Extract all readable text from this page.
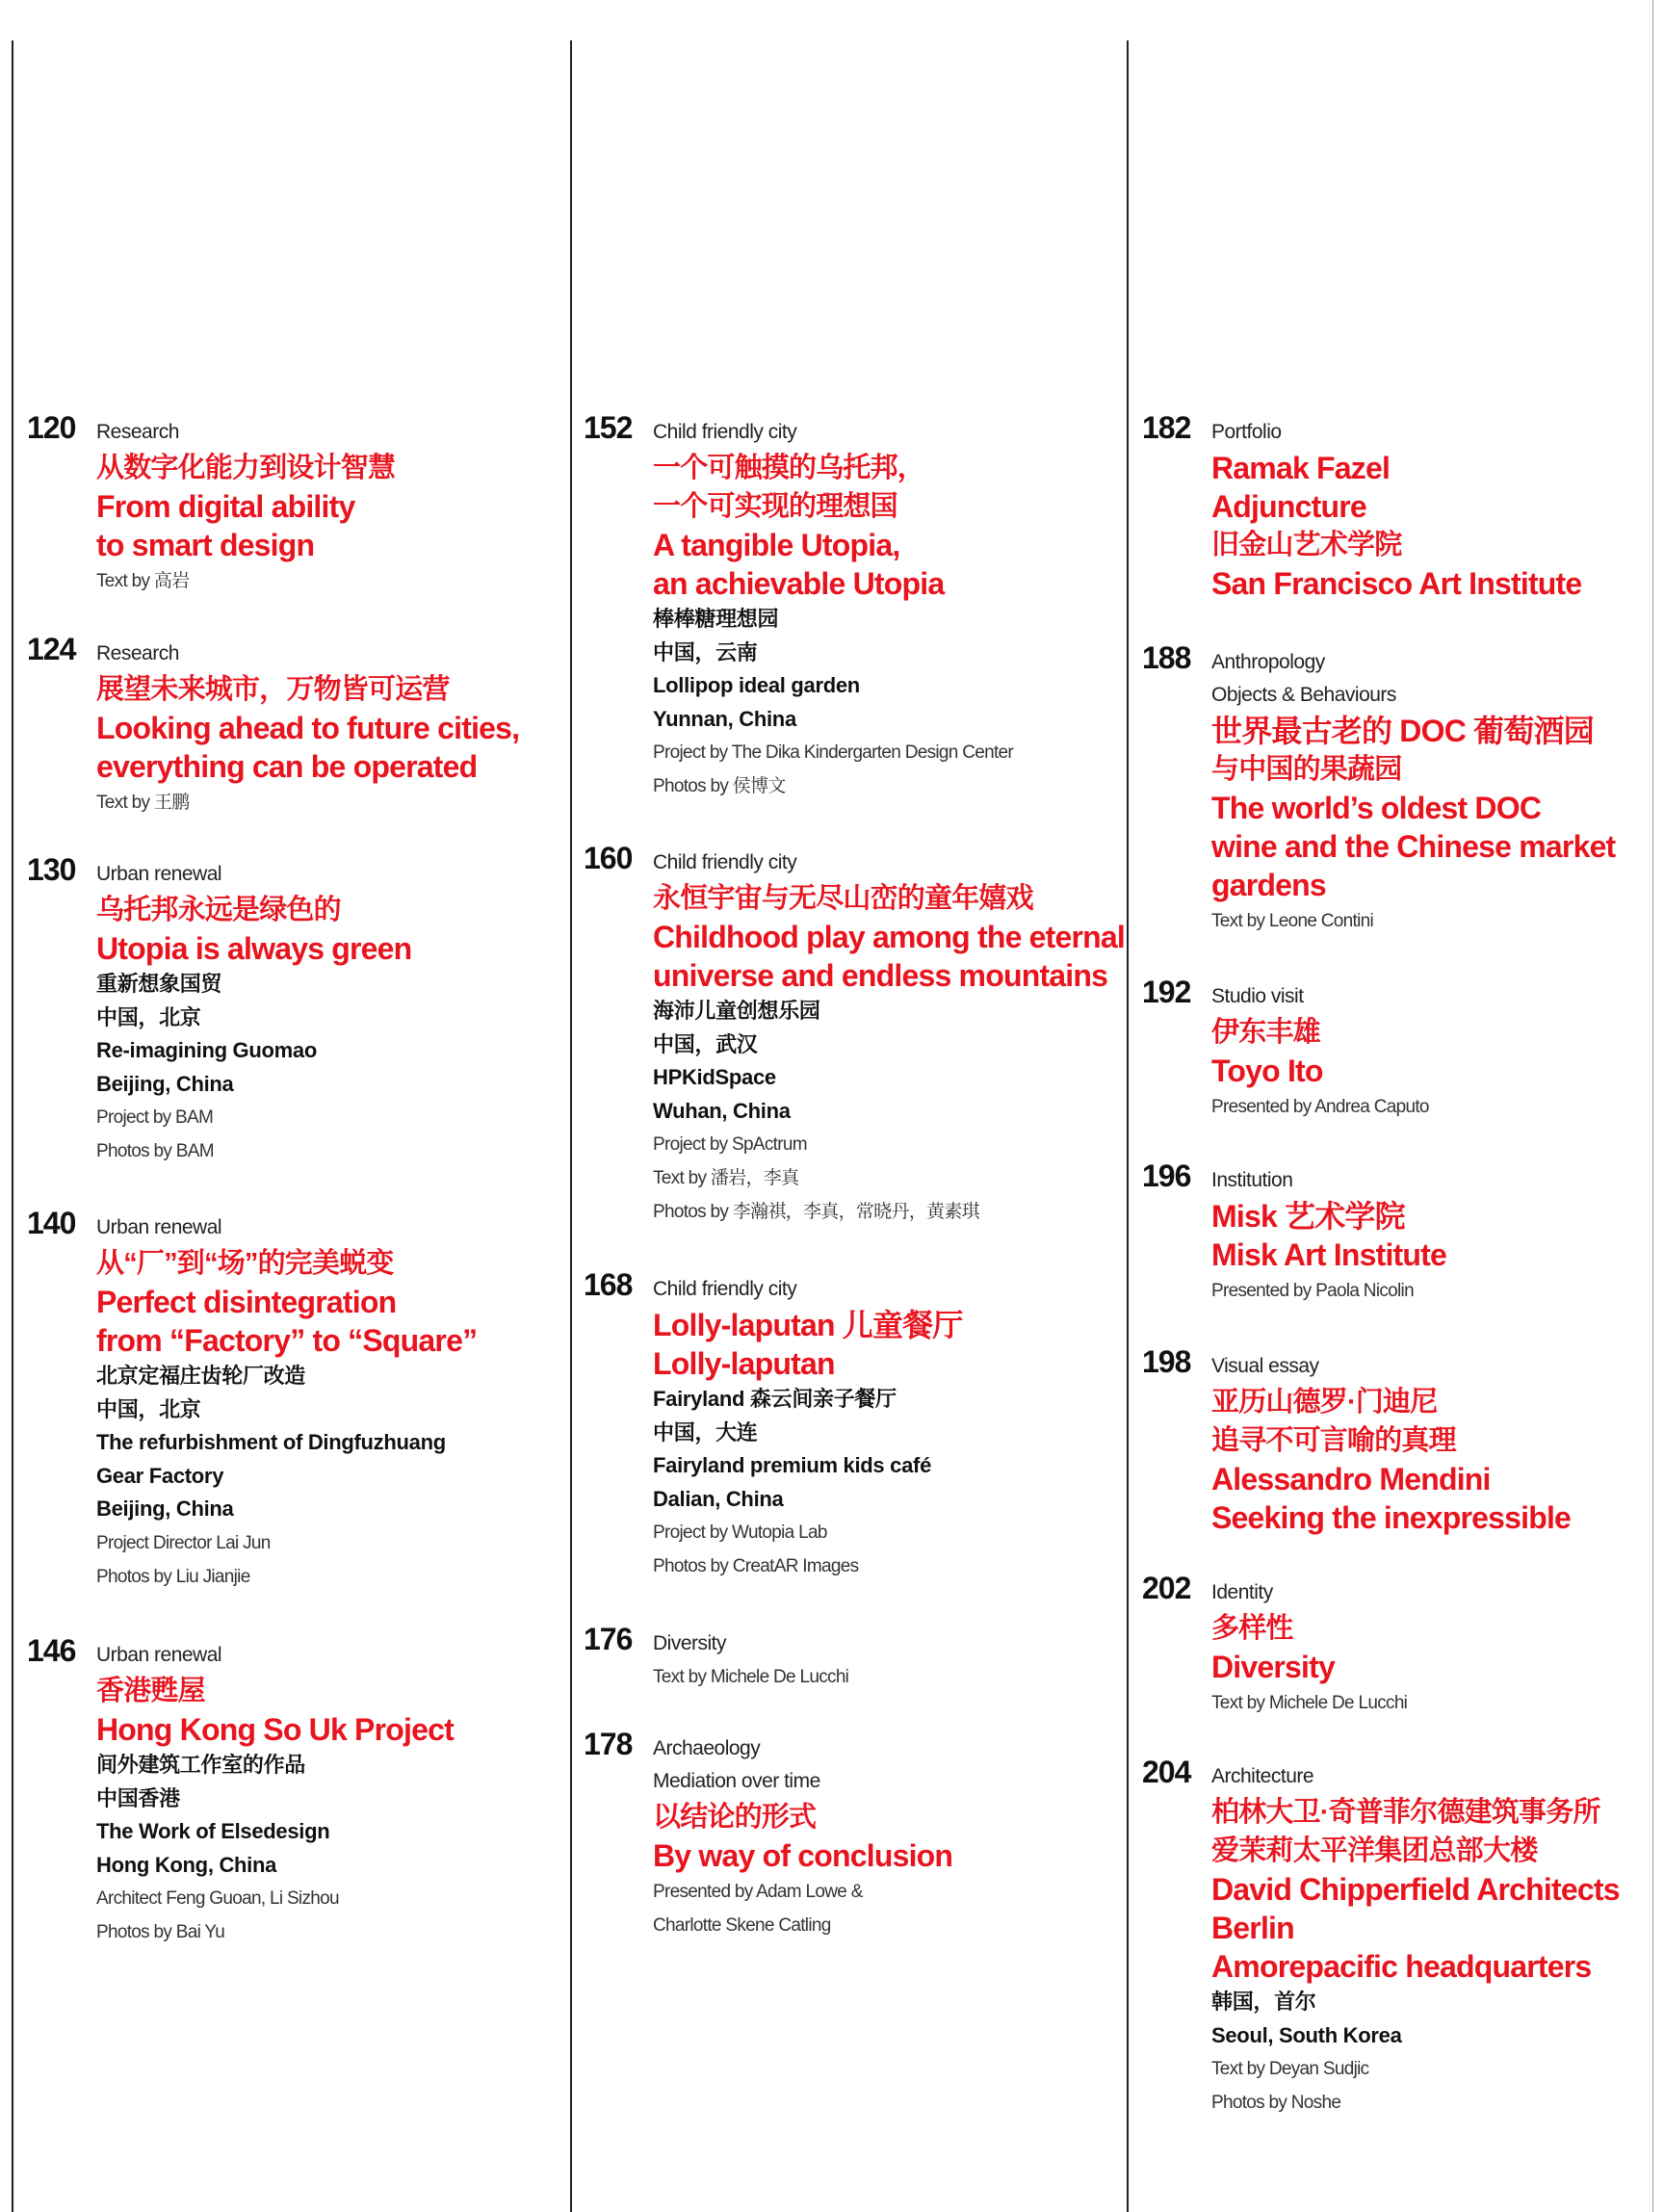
120 Research
从数字化能力到设计智慧
From digital ability
to smart design
Text by 高岩
124 Research
展望未来城市，万物皆可运营
Looking ahead to future cities,
everything can be operated
Text by 王鹏
130 Urban renewal
乌托邦永远是绿色的
Utopia is always green
重新想象国贸
中国，北京
Re-imagining Guomao
Beijing, China
Project by BAM
Photos by BAM
140 Urban renewal
从“厂”到“场”的完美蜕变
Perfect disintegration
from “Factory” to “Square”
北京定福庄齿轮厂改造
中国，北京
The refurbishment of Dingfuzhuang
Gear Factory
Beijing, China
Project Director Lai Jun
Photos by Liu Jianjie
146 Urban renewal
香港甦屋
Hong Kong So Uk Project
间外建筑工作室的作品
中国香港
The Work of Elsedesign
Hong Kong, China
Architect Feng Guoan, Li Sizhou
Photos by Bai Yu
152 Child friendly city
一个可触摸的乌托邦，
一个可实现的理想国
A tangible Utopia,
an achievable Utopia
棒棒糖理想园
中国，云南
Lollipop ideal garden
Yunnan, China
Project by The Dika Kindergarten Design Center
Photos by 侯博文
160 Child friendly city
永恒宇宙与无尽山峦的童年嬉戏
Childhood play among the eternal
universe and endless mountains
海沛儿童创想乐园
中国，武汉
HPKidSpace
Wuhan, China
Project by SpActrum
Text by 潘岩，李真
Photos by 李瀚祺，李真，常晓丹，黄素琪
168 Child friendly city
Lolly-laputan 儿童餐厅
Lolly-laputan
Fairyland 森云间亲子餐厅
中国，大连
Fairyland premium kids café
Dalian, China
Project by Wutopia Lab
Photos by CreatAR Images
176 Diversity
Text by Michele De Lucchi
178 Archaeology
Mediation over time
以结论的形式
By way of conclusion
Presented by Adam Lowe &
Charlotte Skene Catling
182 Portfolio
Ramak Fazel
Adjuncture
旧金山艺术学院
San Francisco Art Institute
188 Anthropology
Objects & Behaviours
世界最古老的 DOC 葡萄酒园
与中国的果蔬园
The world’s oldest DOC
wine and the Chinese market
gardens
Text by Leone Contini
192 Studio visit
伊东丰雄
Toyo Ito
Presented by Andrea Caputo
196 Institution
Misk 艺术学院
Misk Art Institute
Presented by Paola Nicolin
198 Visual essay
亚历山德罗·门迪尼
追寻不可言喻的真理
Alessandro Mendini
Seeking the inexpressible
202 Identity
多样性
Diversity
Text by Michele De Lucchi
204 Architecture
柏林大卫·奇普菲尔德建筑事务所
爱茉莉太平洋集团总部大楼
David Chipperfield Architects
Berlin
Amorepacific headquarters
韩国，首尔
Seoul, South Korea
Text by Deyan Sudjic
Photos by Noshe
